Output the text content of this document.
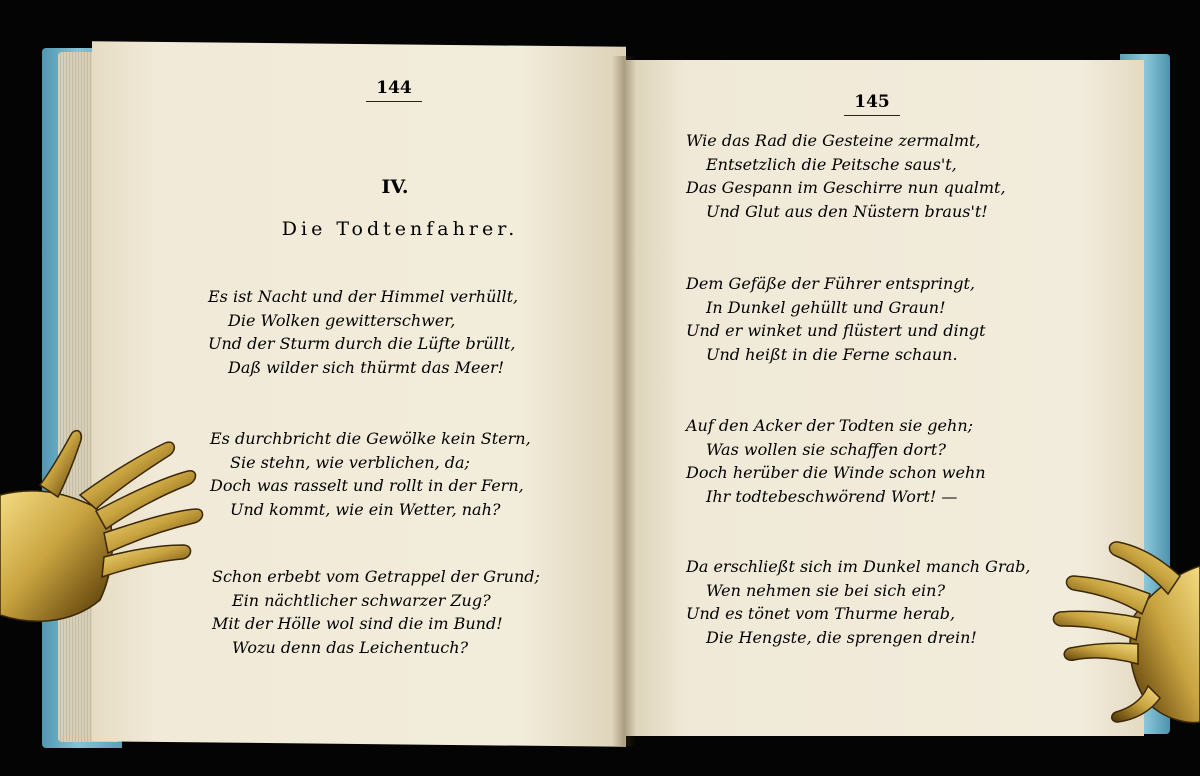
144
145
IV.
Die Todtenfahrer.
Es ist Nacht und der Himmel verhüllt,
Die Wolken gewitterschwer,
Und der Sturm durch die Lüfte brüllt,
Daß wilder sich thürmt das Meer!
Es durchbricht die Gewölke kein Stern,
Sie stehn, wie verblichen, da;
Doch was rasselt und rollt in der Fern,
Und kommt, wie ein Wetter, nah?
Schon erbebt vom Getrappel der Grund;
Ein nächtlicher schwarzer Zug?
Mit der Hölle wol sind die im Bund!
Wozu denn das Leichentuch?
Wie das Rad die Gesteine zermalmt,
Entsetzlich die Peitsche saus't,
Das Gespann im Geschirre nun qualmt,
Und Glut aus den Nüstern braus't!
Dem Gefäße der Führer entspringt,
In Dunkel gehüllt und Graun!
Und er winket und flüstert und dingt
Und heißt in die Ferne schaun.
Auf den Acker der Todten sie gehn;
Was wollen sie schaffen dort?
Doch herüber die Winde schon wehn
Ihr todtebeschwörend Wort! —
Da erschließt sich im Dunkel manch Grab,
Wen nehmen sie bei sich ein?
Und es tönet vom Thurme herab,
Die Hengste, die sprengen drein!
